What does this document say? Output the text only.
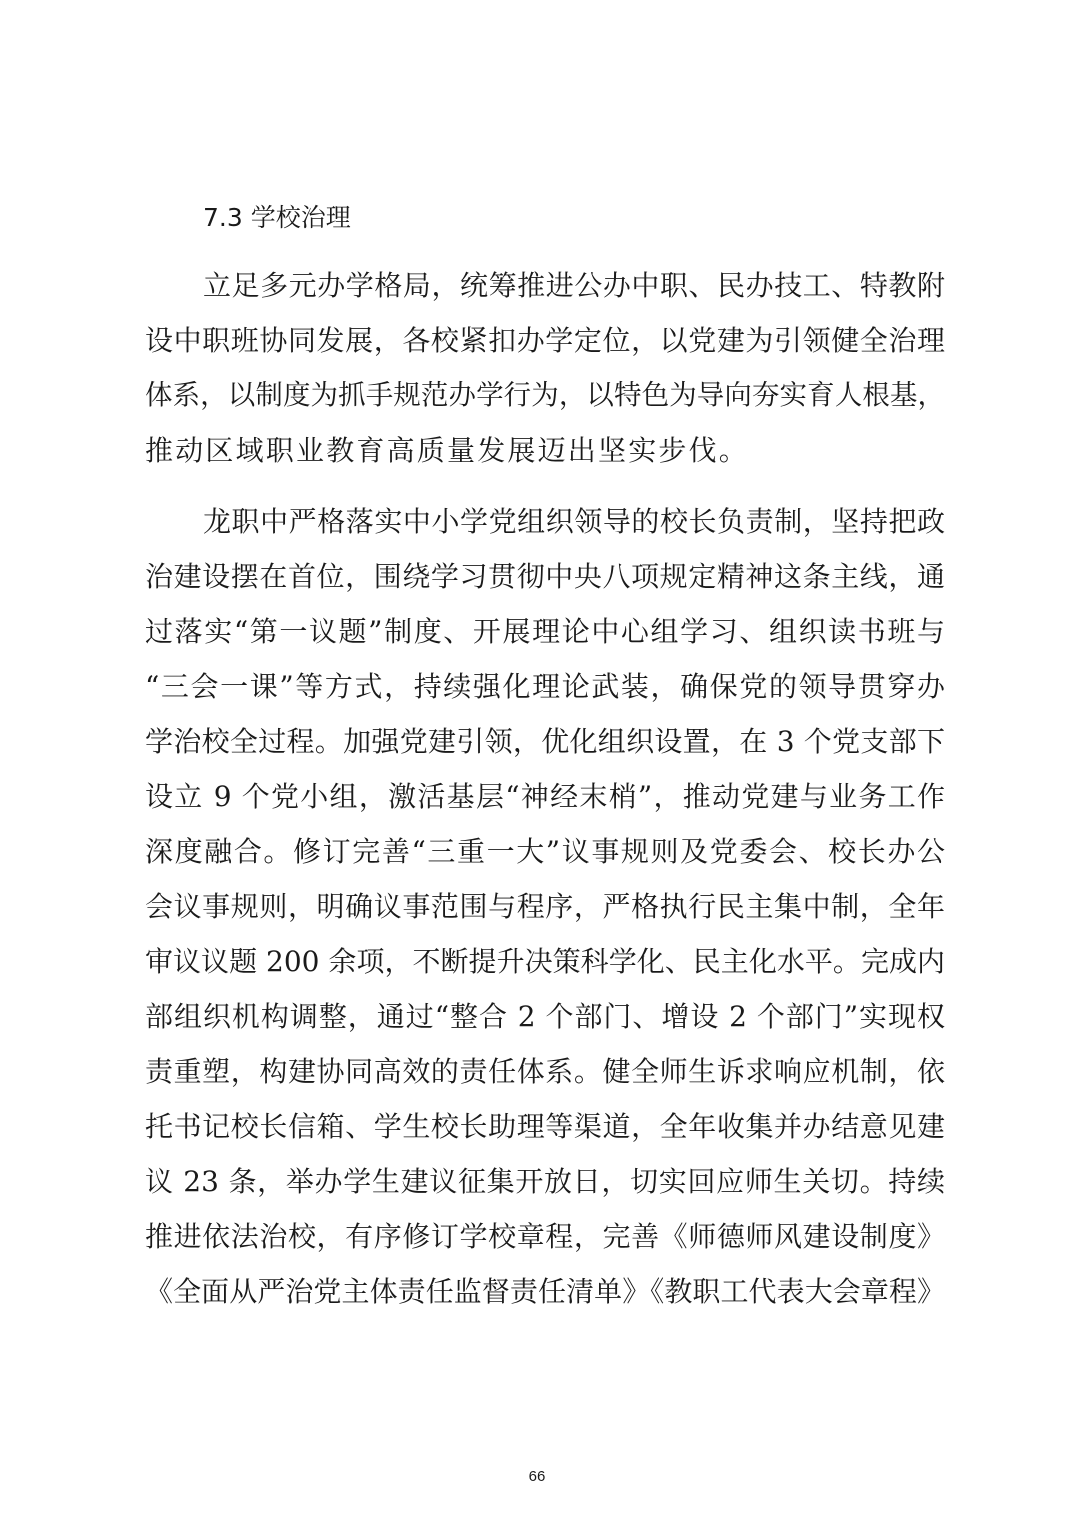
7.3 学校治理
立足多元办学格局，统筹推进公办中职、民办技工、特教附
设中职班协同发展，各校紧扣办学定位，以党建为引领健全治理
体系，以制度为抓手规范办学行为，以特色为导向夯实育人根基，
推动区域职业教育高质量发展迈出坚实步伐。
龙职中严格落实中小学党组织领导的校长负责制，坚持把政
治建设摆在首位，围绕学习贯彻中央八项规定精神这条主线，通
过落实“第一议题”制度、开展理论中心组学习、组织读书班与
“三会一课”等方式，持续强化理论武装，确保党的领导贯穿办
学治校全过程。加强党建引领，优化组织设置，在 3 个党支部下
设立 9 个党小组，激活基层“神经末梢”，推动党建与业务工作
深度融合。修订完善“三重一大”议事规则及党委会、校长办公
会议事规则，明确议事范围与程序，严格执行民主集中制，全年
审议议题 200 余项，不断提升决策科学化、民主化水平。完成内
部组织机构调整，通过“整合 2 个部门、增设 2 个部门”实现权
责重塑，构建协同高效的责任体系。健全师生诉求响应机制，依
托书记校长信箱、学生校长助理等渠道，全年收集并办结意见建
议 23 条，举办学生建议征集开放日，切实回应师生关切。持续
推进依法治校，有序修订学校章程，完善《师德师风建设制度》
《全面从严治党主体责任监督责任清单》《教职工代表大会章程》
66
